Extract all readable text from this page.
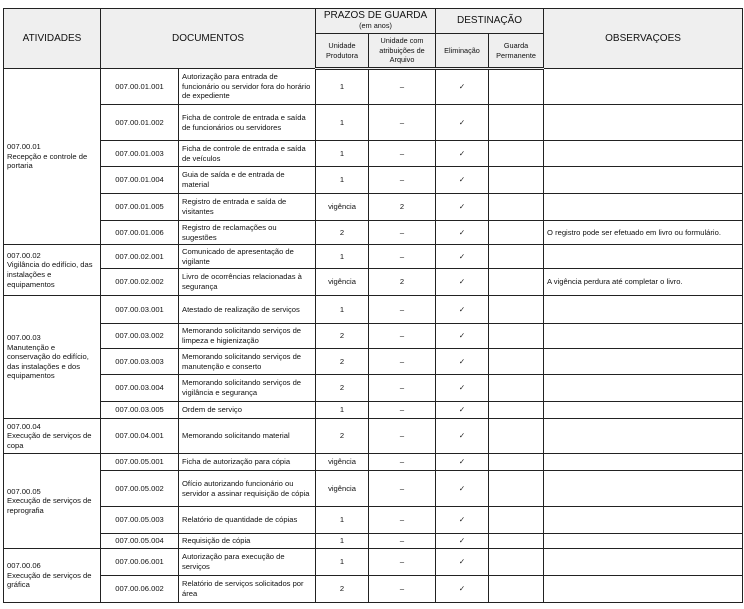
ATIVIDADES	DOCUMENTOS		PRAZOS DE GUARDA
(em anos)		DESTINAÇÃO		OBSERVAÇOES
			Unidade Produtora	Unidade com atribuições de Arquivo	Eliminação	Guarda Permanente	
007.00.01
Recepção e controle de portaria	007.00.01.001	Autorização para entrada de funcionário ou servidor fora do horário de expediente	1	–	✓		
	007.00.01.002	Ficha de controle de entrada e saída de funcionários ou servidores	1	–	✓		
	007.00.01.003	Ficha de controle de entrada e saída de veículos	1	–	✓		
	007.00.01.004	Guia de saída e de entrada de material	1	–	✓		
	007.00.01.005	Registro de entrada e saída de visitantes	vigência	2	✓		
	007.00.01.006	Registro de reclamações ou sugestões	2	–	✓		O registro pode ser efetuado em livro ou formulário.
007.00.02
Vigilância do edifício, das instalações e equipamentos	007.00.02.001	Comunicado de apresentação de vigilante	1	–	✓		
	007.00.02.002	Livro de ocorrências relacionadas à segurança	vigência	2	✓		A vigência perdura até completar o livro.
007.00.03
Manutenção e conservação do edifício, das instalações e dos equipamentos	007.00.03.001	Atestado de realização de serviços	1	–	✓		
	007.00.03.002	Memorando solicitando serviços de limpeza e higienização	2	–	✓		
	007.00.03.003	Memorando solicitando serviços de manutenção e conserto	2	–	✓		
	007.00.03.004	Memorando solicitando serviços de vigilância e segurança	2	–	✓		
	007.00.03.005	Ordem de serviço	1	–	✓		
007.00.04
Execução de serviços de copa	007.00.04.001	Memorando solicitando material	2	–	✓		
007.00.05
Execução de serviços de reprografia	007.00.05.001	Ficha de autorização para cópia	vigência	–	✓		
	007.00.05.002	Ofício autorizando funcionário ou servidor a assinar requisição de cópia	vigência	–	✓		
	007.00.05.003	Relatório de quantidade de cópias	1	–	✓		
	007.00.05.004	Requisição de cópia	1	–	✓		
007.00.06
Execução de serviços de gráfica	007.00.06.001	Autorização para execução de serviços	1	–	✓		
	007.00.06.002	Relatório de serviços solicitados por área	2	–	✓		
